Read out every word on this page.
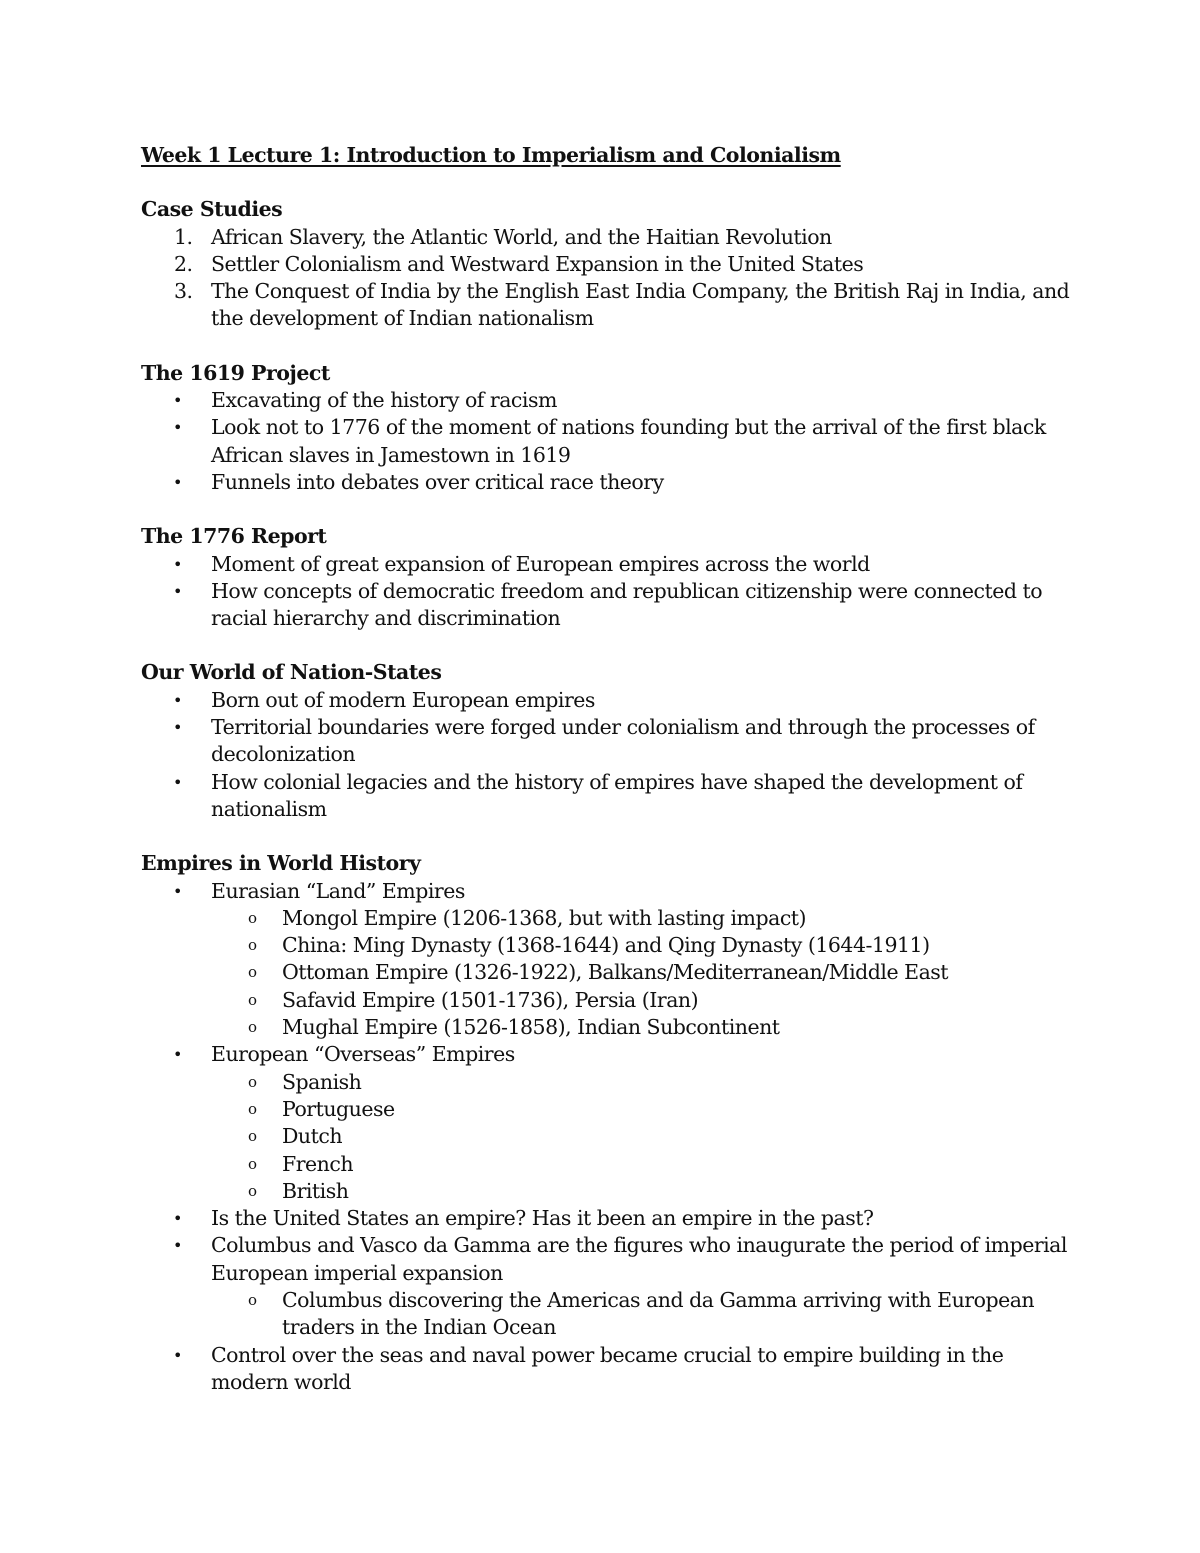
Week 1 Lecture 1: Introduction to Imperialism and Colonialism
Case Studies
1. African Slavery, the Atlantic World, and the Haitian Revolution
2. Settler Colonialism and Westward Expansion in the United States
3. The Conquest of India by the English East India Company, the British Raj in India, and the development of Indian nationalism
The 1619 Project
• Excavating of the history of racism
• Look not to 1776 of the moment of nations founding but the arrival of the first black African slaves in Jamestown in 1619
• Funnels into debates over critical race theory
The 1776 Report
• Moment of great expansion of European empires across the world
• How concepts of democratic freedom and republican citizenship were connected to racial hierarchy and discrimination
Our World of Nation-States
• Born out of modern European empires
• Territorial boundaries were forged under colonialism and through the processes of decolonization
• How colonial legacies and the history of empires have shaped the development of nationalism
Empires in World History
• Eurasian “Land” Empires
o Mongol Empire (1206-1368, but with lasting impact)
o China: Ming Dynasty (1368-1644) and Qing Dynasty (1644-1911)
o Ottoman Empire (1326-1922), Balkans/Mediterranean/Middle East
o Safavid Empire (1501-1736), Persia (Iran)
o Mughal Empire (1526-1858), Indian Subcontinent
• European “Overseas” Empires
o Spanish
o Portuguese
o Dutch
o French
o British
• Is the United States an empire? Has it been an empire in the past?
• Columbus and Vasco da Gamma are the figures who inaugurate the period of imperial European imperial expansion
o Columbus discovering the Americas and da Gamma arriving with European traders in the Indian Ocean
• Control over the seas and naval power became crucial to empire building in the modern world
